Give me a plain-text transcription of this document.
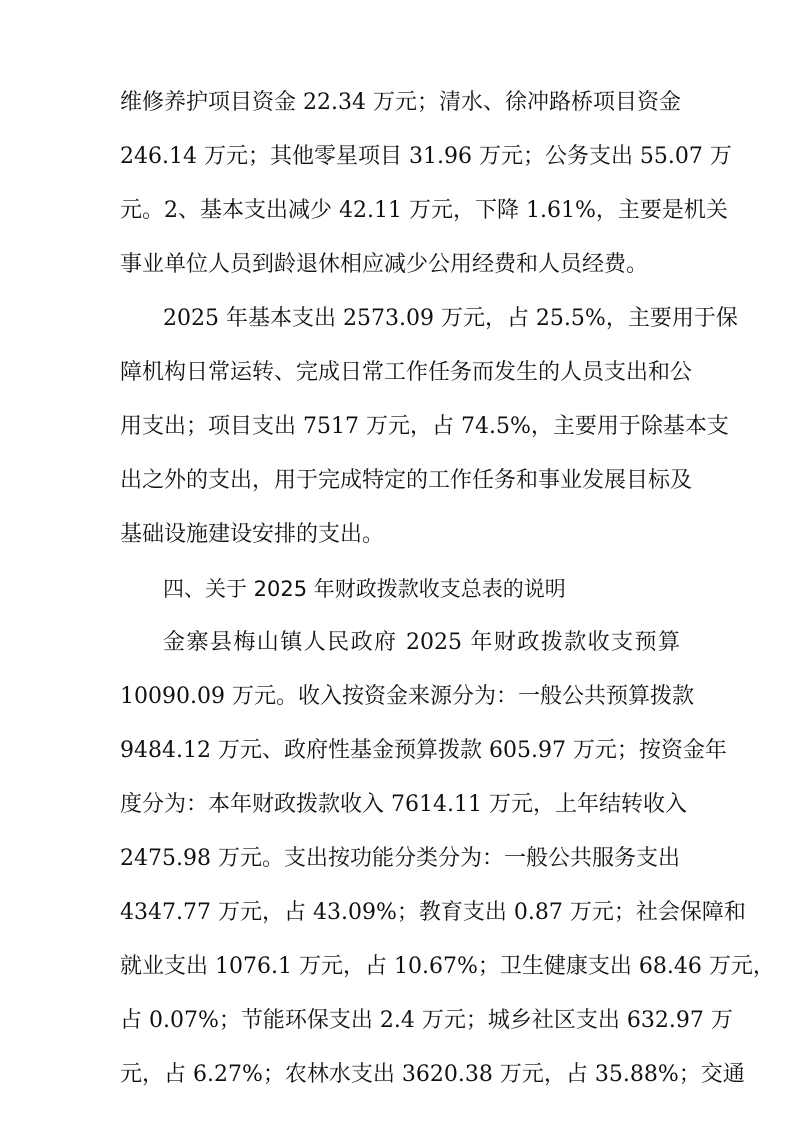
维修养护项目资金 22.34 万元；清水、徐冲路桥项目资金
246.14 万元；其他零星项目 31.96 万元；公务支出 55.07 万
元。2、基本支出减少 42.11 万元，下降 1.61%，主要是机关
事业单位人员到龄退休相应减少公用经费和人员经费。
2025 年基本支出 2573.09 万元，占 25.5%，主要用于保
障机构日常运转、完成日常工作任务而发生的人员支出和公
用支出；项目支出 7517 万元，占 74.5%，主要用于除基本支
出之外的支出，用于完成特定的工作任务和事业发展目标及
基础设施建设安排的支出。
四、关于 2025 年财政拨款收支总表的说明
金寨县梅山镇人民政府 2025 年财政拨款收支预算
10090.09 万元。收入按资金来源分为：一般公共预算拨款
9484.12 万元、政府性基金预算拨款 605.97 万元；按资金年
度分为：本年财政拨款收入 7614.11 万元，上年结转收入
2475.98 万元。支出按功能分类分为：一般公共服务支出
4347.77 万元，占 43.09%；教育支出 0.87 万元；社会保障和
就业支出 1076.1 万元，占 10.67%；卫生健康支出 68.46 万元，
占 0.07%；节能环保支出 2.4 万元；城乡社区支出 632.97 万
元，占 6.27%；农林水支出 3620.38 万元，占 35.88%；交通
